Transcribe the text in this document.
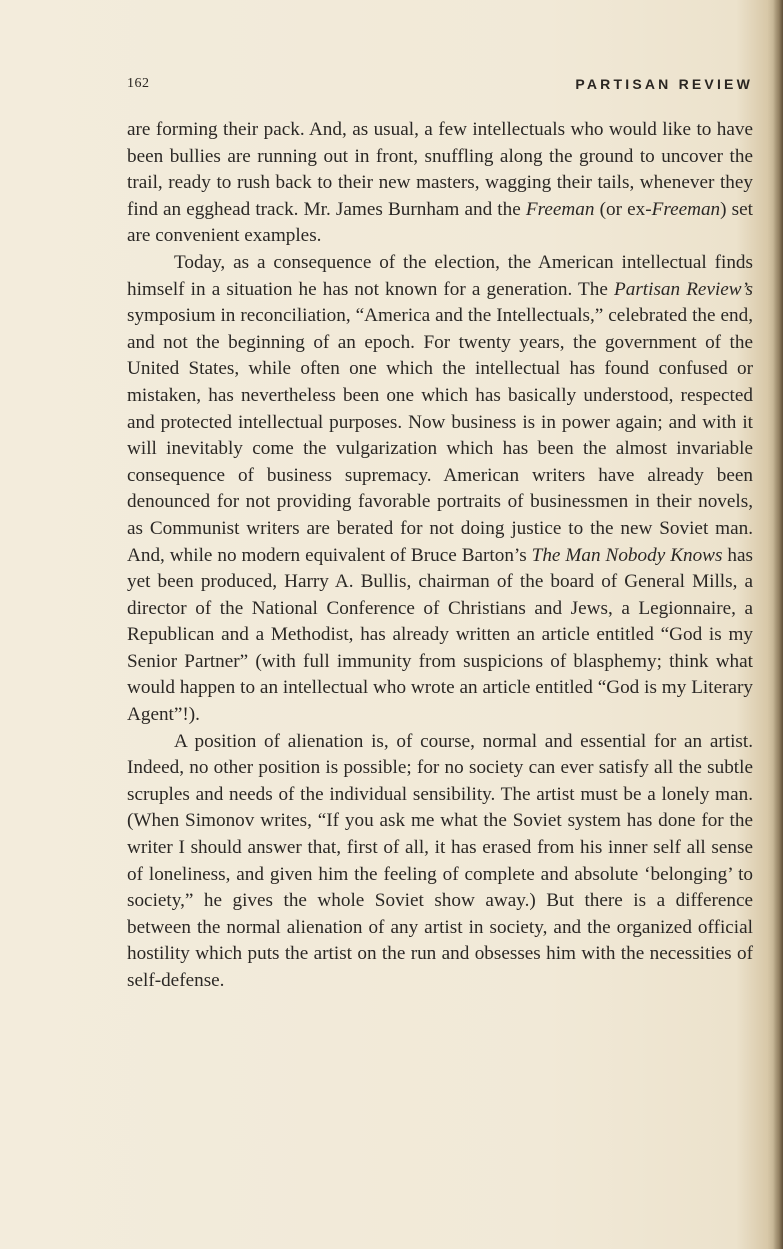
162	PARTISAN REVIEW

are forming their pack. And, as usual, a few intellectuals who would like to have been bullies are running out in front, snuffling along the ground to uncover the trail, ready to rush back to their new masters, wagging their tails, whenever they find an egghead track. Mr. James Burnham and the Freeman (or ex-Freeman) set are convenient examples.

Today, as a consequence of the election, the American intellectual finds himself in a situation he has not known for a generation. The Partisan Review’s symposium in reconciliation, “America and the Intellectuals,” celebrated the end, and not the beginning of an epoch. For twenty years, the government of the United States, while often one which the intellectual has found confused or mistaken, has nevertheless been one which has basically understood, respected and protected intellectual purposes. Now business is in power again; and with it will inevitably come the vulgarization which has been the almost invariable consequence of business supremacy. American writers have already been denounced for not providing favorable portraits of businessmen in their novels, as Communist writers are berated for not doing justice to the new Soviet man. And, while no modern equivalent of Bruce Barton’s The Man Nobody Knows has yet been produced, Harry A. Bullis, chairman of the board of General Mills, a director of the National Conference of Christians and Jews, a Legionnaire, a Republican and a Methodist, has already written an article entitled “God is my Senior Partner” (with full immunity from suspicions of blasphemy; think what would happen to an intellectual who wrote an article entitled “God is my Literary Agent”!).

A position of alienation is, of course, normal and essential for an artist. Indeed, no other position is possible; for no society can ever satisfy all the subtle scruples and needs of the individual sensibility. The artist must be a lonely man. (When Simonov writes, “If you ask me what the Soviet system has done for the writer I should answer that, first of all, it has erased from his inner self all sense of loneliness, and given him the feeling of complete and absolute ‘belonging’ to society,” he gives the whole Soviet show away.) But there is a difference between the normal alienation of any artist in society, and the organized official hostility which puts the artist on the run and obsesses him with the necessities of self-defense.
